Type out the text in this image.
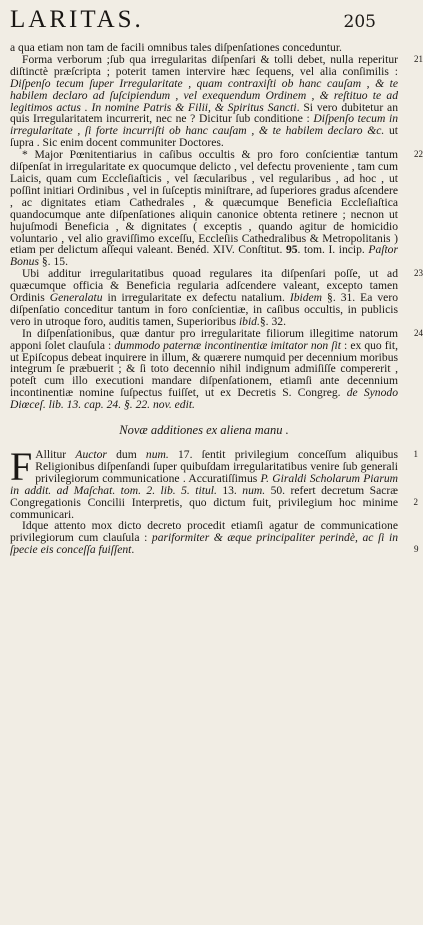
LARITAS.	205

a qua etiam non tam de facili omnibus tales diſpenſationes conceduntur.

Forma verborum ;ſub qua irregularitas diſpenſari & tolli debet, nulla reperitur diſtinctè præſcripta ; poterit tamen intervire hæc ſequens, vel alia conſimilis : Diſpenſo tecum ſuper Irregularitate , quam contraxiſti ob hanc cauſam , & te habilem declaro ad ſuſcipiendum , vel exequendum Ordinem , & reſtituo te ad legitimos actus . In nomine Patris & Filii, & Spiritus Sancti. Si vero dubitetur an quis Irregularitatem incurrerit, nec ne ? Dicitur ſub conditione : Diſpenſo tecum in irregularitate , ſi forte incurriſti ob hanc cauſam , & te habilem declaro &c. ut ſupra . Sic enim docent communiter Doctores.
21

* Major Pœnitentiarius in caſibus occultis & pro foro conſcientiæ tantum diſpenſat in irregularitate ex quocumque delicto , vel defectu proveniente , tam cum Laicis, quam cum Eccleſiaſticis , vel ſæcularibus , vel regularibus , ad hoc , ut poſſint initiari Ordinibus , vel in ſuſceptis miniſtrare, ad ſuperiores gradus aſcendere , ac dignitates etiam Cathedrales , & quæcumque Beneficia Eccleſiaſtica quandocumque ante diſpenſationes aliquin canonice obtenta retinere ; necnon ut hujuſmodi Beneficia , & dignitates ( exceptis , quando agitur de homicidio voluntario , vel alio graviſſimo exceſſu, Eccleſiis Cathedralibus & Metropolitanis ) etiam per delictum aſſequi valeant. Benéd. XIV. Conſtitut. 95. tom. I. incip. Paſtor Bonus §. 15.
22

Ubi additur irregularitatibus quoad regulares ita diſpenſari poſſe, ut ad quæcumque officia & Beneficia regularia adſcendere valeant, excepto tamen Ordinis Generalatu in irregularitate ex defectu natalium. Ibidem §. 31. Ea vero diſpenſatio conceditur tantum in foro conſcientiæ, in caſibus occultis, in publicis vero in utroque foro, auditis tamen, Superioribus ibid.§. 32.
23

In diſpenſationibus, quæ dantur pro irregularitate filiorum illegitime natorum apponi ſolet clauſula : dummodo paternæ incontinentiæ imitator non ſit : ex quo fit, ut Epiſcopus debeat inquirere in illum, & quærere numquid per decennium moribus integrum ſe præbuerit ; & ſi toto decennio nihil indignum admiſiſſe compererit , poteſt cum illo executioni mandare diſpenſationem, etiamſi ante decennium incontinentiæ nomine ſuſpectus fuiſſet, ut ex Decretis S. Congreg. de Synodo Diœceſ. lib. 13. cap. 24. §. 22. nov. edit.
24

Novæ additiones ex aliena manu .

F Allitur Auctor dum num. 17. ſentit privilegium conceſſum aliquibus Religionibus diſpenſandi ſuper quibuſdam irregularitatibus venire ſub generali privilegiorum communicatione . Accuratiſſimus P. Giraldi Scholarum Piarum in addit. ad Maſchat. tom. 2. lib. 5. titul. 13. num. 50. refert decretum Sacræ Congregationis Concilii Interpretis, quo dictum fuit, privilegium hoc minime communicari.
1
2

Idque attento mox dicto decreto procedit etiamſi agatur de communicatione privilegiorum cum clauſula : pariformiter & æque principaliter perindè, ac ſi in ſpecie eis conceſſa fuiſſent.	9
